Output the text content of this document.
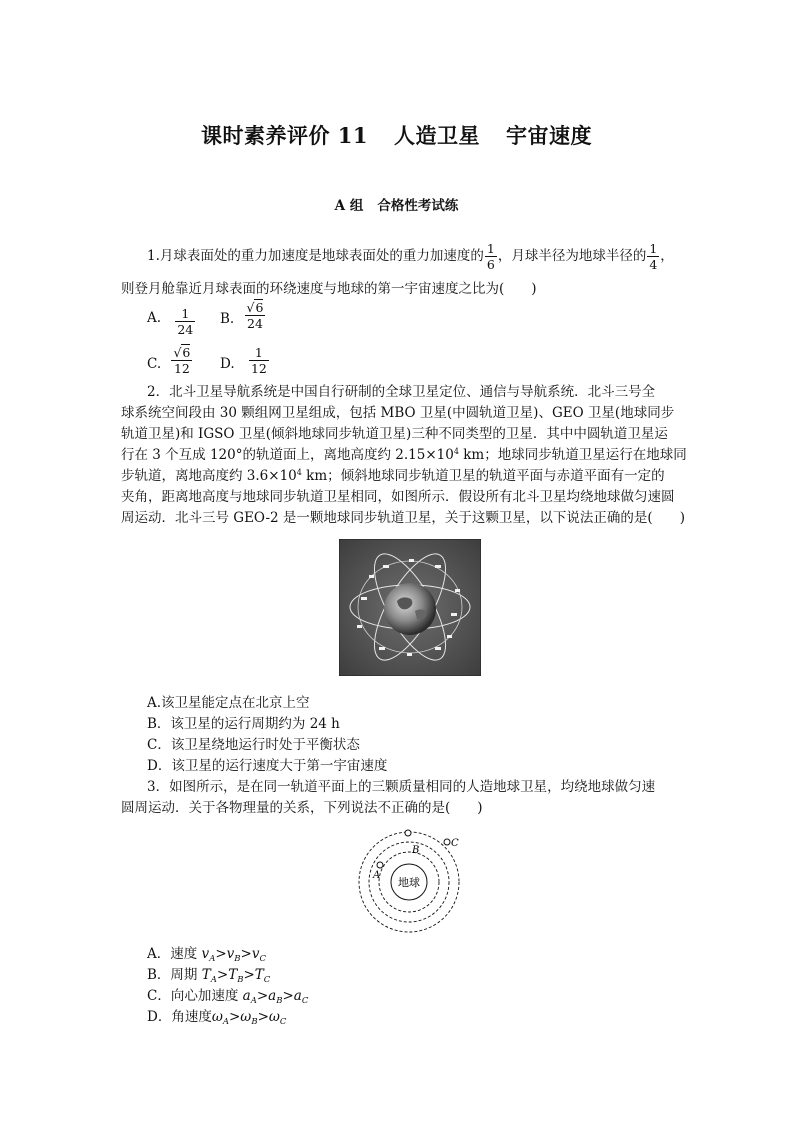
课时素养评价 11 人造卫星 宇宙速度
A 组 合格性考试练
1.月球表面处的重力加速度是地球表面处的重力加速度的 $\frac{1}{6}$ ，月球半径为地球半径的 $\frac{1}{4}$ ，
则登月舱靠近月球表面的环绕速度与地球的第一宇宙速度之比为(　　)
A. $\frac{1}{24} B$. $\frac{√6}{24}$
C. $\frac{√6}{12} D$. $\frac{1}{12}$
2．北斗卫星导航系统是中国自行研制的全球卫星定位、通信与导航系统．北斗三号全
球系统空间段由 30 颗组网卫星组成，包括 MBO 卫星(中圆轨道卫星)、GEO 卫星(地球同步
轨道卫星)和 IGSO 卫星(倾斜地球同步轨道卫星)三种不同类型的卫星．其中中圆轨道卫星运
行在 3 个互成 120°的轨道面上，离地高度约 $2.15\times 10^4$ km；地球同步轨道卫星运行在地球同
步轨道，离地高度约 $3.6\times 10^4$ km；倾斜地球同步轨道卫星的轨道平面与赤道平面有一定的
夹角，距离地高度与地球同步轨道卫星相同，如图所示．假设所有北斗卫星均绕地球做匀速圆
周运动．北斗三号 GEO-2 是一颗地球同步轨道卫星，关于这颗卫星，以下说法正确的是(　　)
A.该卫星能定点在北京上空
B．该卫星的运行周期约为 24 h
C．该卫星绕地运行时处于平衡状态
D．该卫星的运行速度大于第一宇宙速度
3．如图所示，是在同一轨道平面上的三颗质量相同的人造地球卫星，均绕地球做匀速
圆周运动．关于各物理量的关系，下列说法不正确的是(　　)
地球
A
B
C
A．速度 $v_A>v_B>v_C$
B．周期 $T_A>T_B>T_C$
C．向心加速度 $a_A>a_B>a_C$
D．角速度$\omega_A>\omega_B>\omega_C$
